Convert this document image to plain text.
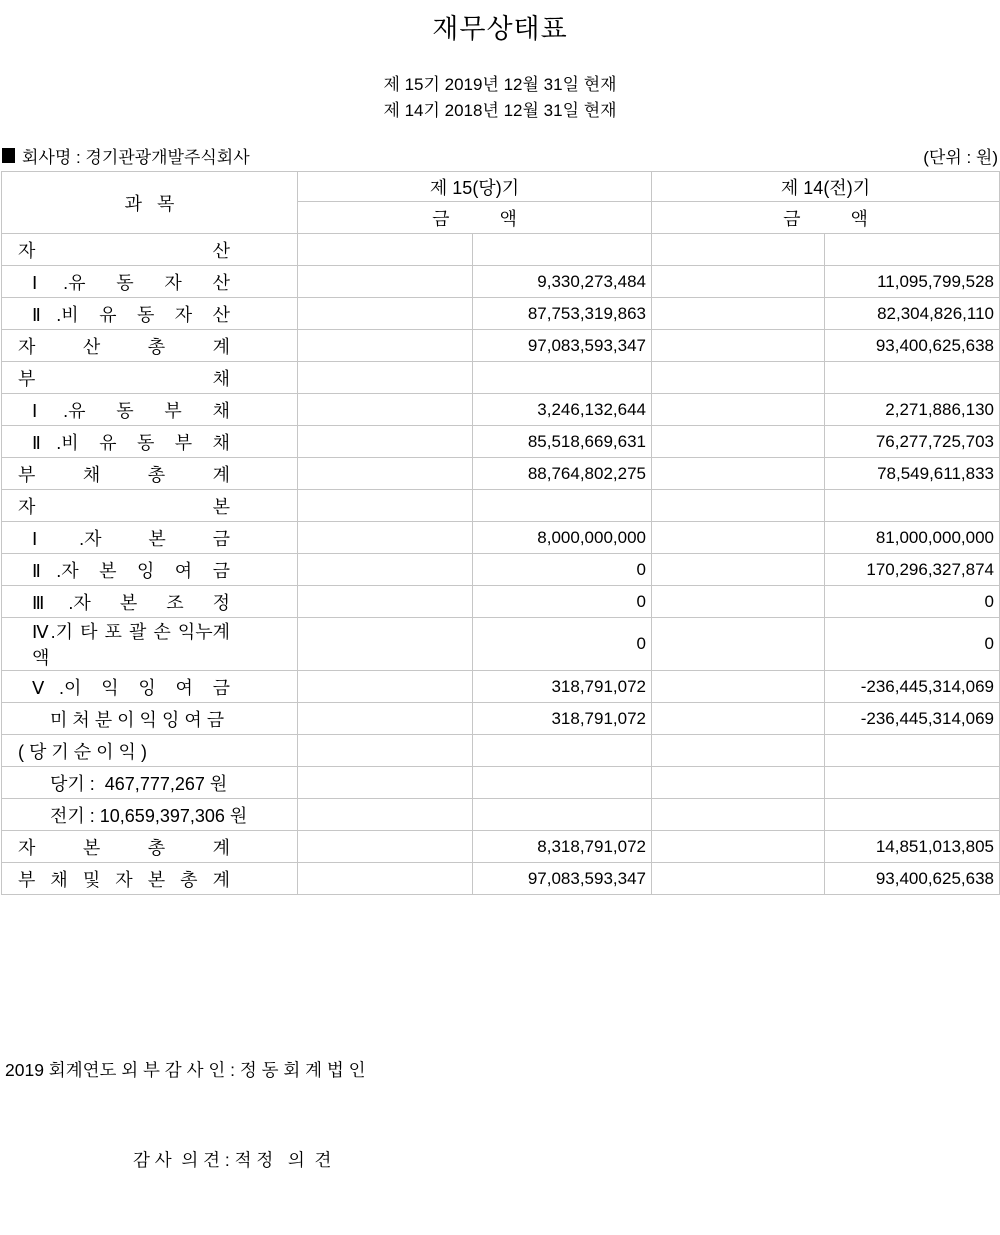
재무상태표
제 15기 2019년 12월 31일 현재
제 14기 2018년 12월 31일 현재
회사명 : 경기관광개발주식회사	(단위 : 원)
과   목	제 15(당)기		제 14(전)기	
	금          액		금          액	
자 산				
Ⅰ.유 동 자 산		9,330,273,484		11,095,799,528
Ⅱ.비 유 동 자 산		87,753,319,863		82,304,826,110
자 산 총 계		97,083,593,347		93,400,625,638
부 채				
Ⅰ.유 동 부 채		3,246,132,644		2,271,886,130
Ⅱ.비 유 동 부 채		85,518,669,631		76,277,725,703
부 채 총 계		88,764,802,275		78,549,611,833
자 본				
Ⅰ.자 본 금		8,000,000,000		81,000,000,000
Ⅱ.자 본 잉 여 금		0		170,296,327,874
Ⅲ.자 본 조 정		0		0
Ⅳ.기 타 포 괄 손 익누계액		0		0
Ⅴ.이 익 잉 여 금		318,791,072		-236,445,314,069
미 처 분 이 익 잉 여 금		318,791,072		-236,445,314,069
( 당 기 순 이 익 )				
당기 :  467,777,267 원				
전기 : 10,659,397,306 원				
자 본 총 계		8,318,791,072		14,851,013,805
부 채 및 자 본 총 계		97,083,593,347		93,400,625,638

2019 회계연도 외 부 감 사 인 : 정 동 회 계 법 인

감 사  의 견 : 적 정   의  견
